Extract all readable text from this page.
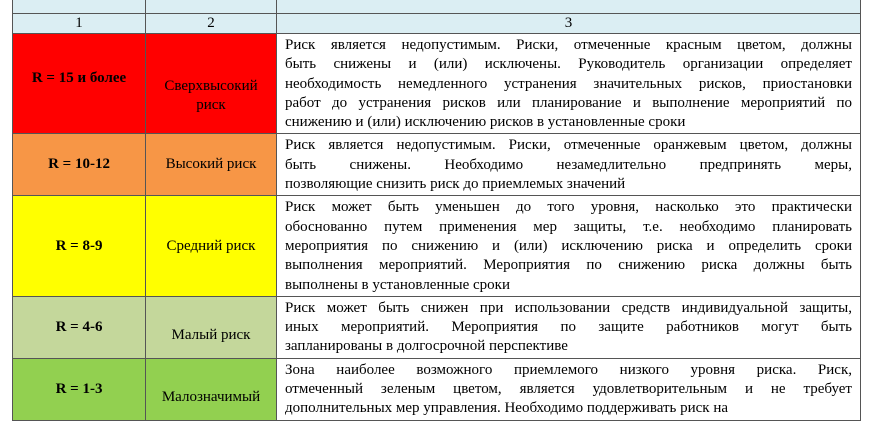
1	2	3
R = 15 и более	Сверхвысокий риск	Риск является недопустимым. Риски, отмеченные красным цветом, должны
быть снижены и (или) исключены. Руководитель организации определяет
необходимость немедленного устранения значительных рисков, приостановки
работ до устранения рисков или планирование и выполнение мероприятий по
снижению и (или) исключению рисков в установленные сроки

R = 10-12	Высокий риск	Риск является недопустимым. Риски, отмеченные оранжевым цветом, должны
быть снижены. Необходимо незамедлительно предпринять меры,
позволяющие снизить риск до приемлемых значений

R = 8-9	Средний риск	Риск может быть уменьшен до того уровня, насколько это практически
обоснованно путем применения мер защиты, т.е. необходимо планировать
мероприятия по снижению и (или) исключению риска и определить сроки
выполнения мероприятий. Мероприятия по снижению риска должны быть
выполнены в установленные сроки

R = 4-6	Малый риск	Риск может быть снижен при использовании средств индивидуальной защиты,
иных мероприятий. Мероприятия по защите работников могут быть
запланированы в долгосрочной перспективе

R = 1-3	Малозначимый	Зона наиболее возможного приемлемого низкого уровня риска. Риск,
отмеченный зеленым цветом, является удовлетворительным и не требует
дополнительных мер управления. Необходимо поддерживать риск на
